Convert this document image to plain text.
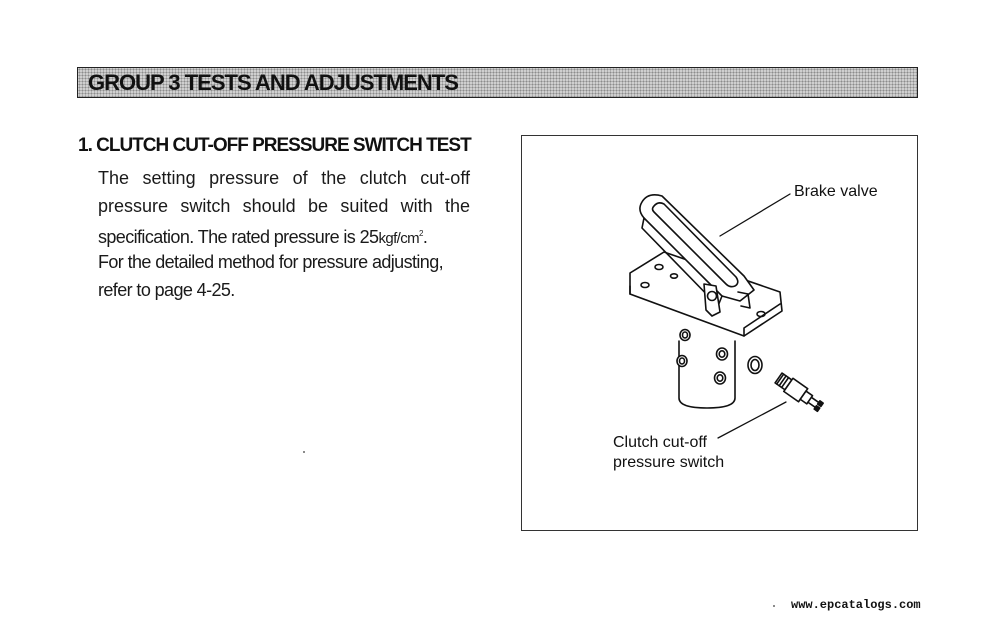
GROUP 3 TESTS AND ADJUSTMENTS
1. CLUTCH CUT-OFF PRESSURE SWITCH TEST
The setting pressure of the clutch cut-off
pressure switch should be suited with the
specification. The rated pressure is $25kgf/cm^2$.
For the detailed method for pressure adjusting,
refer to page 4-25.
Brake valve
Clutch cut-off
pressure switch
www.epcatalogs.com
